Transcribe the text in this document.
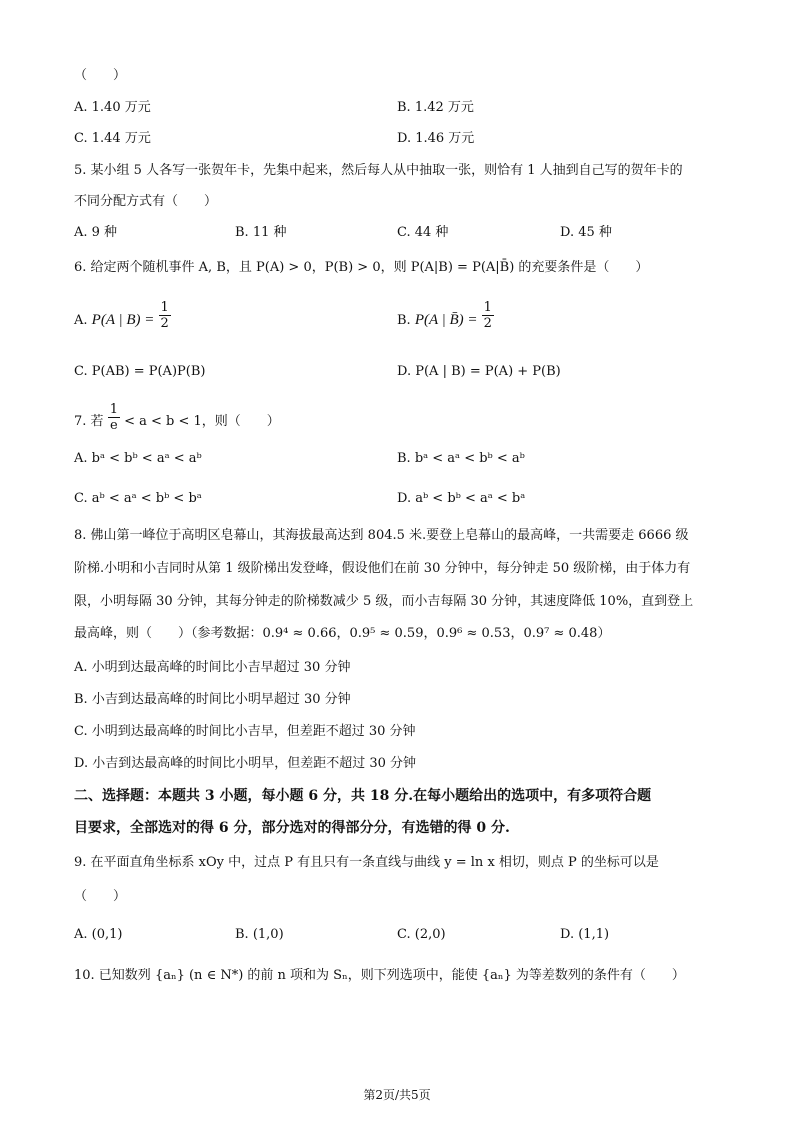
（　　）
A. 1.40 万元	B. 1.42 万元
C. 1.44 万元	D. 1.46 万元
5. 某小组 5 人各写一张贺年卡，先集中起来，然后每人从中抽取一张，则恰有 1 人抽到自己写的贺年卡的
不同分配方式有（　　）
A. 9 种	B. 11 种	C. 44 种	D. 45 种
6. 给定两个随机事件 A, B，且 P(A) > 0，P(B) > 0，则 P(A|B) = P(A|B̄) 的充要条件是（　　）
A. P(A | $B) = \frac{1}{2}$	B. P(A | B̄) = $\frac{1}{2}$
C. P(AB) = P(A)P(B)	D. P(A | B) = P(A) + P(B)
7. 若 $\frac{1}{e} < a < b < 1$，则（　　）
A. bᵃ < bᵇ < aᵃ < aᵇ	B. bᵃ < aᵃ < bᵇ < aᵇ
C. aᵇ < aᵃ < bᵇ < bᵃ	D. aᵇ < bᵇ < aᵃ < bᵃ
8. 佛山第一峰位于高明区皂幕山，其海拔最高达到 804.5 米.要登上皂幕山的最高峰，一共需要走 6666 级
阶梯.小明和小吉同时从第 1 级阶梯出发登峰，假设他们在前 30 分钟中，每分钟走 50 级阶梯，由于体力有
限，小明每隔 30 分钟，其每分钟走的阶梯数减少 5 级，而小吉每隔 30 分钟，其速度降低 10%，直到登上
最高峰，则（　　）（参考数据：0.9⁴ ≈ 0.66，0.9⁵ ≈ 0.59，0.9⁶ ≈ 0.53，0.9⁷ ≈ 0.48）
A. 小明到达最高峰的时间比小吉早超过 30 分钟
B. 小吉到达最高峰的时间比小明早超过 30 分钟
C. 小明到达最高峰的时间比小吉早，但差距不超过 30 分钟
D. 小吉到达最高峰的时间比小明早，但差距不超过 30 分钟
二、选择题：本题共 3 小题，每小题 6 分，共 18 分.在每小题给出的选项中，有多项符合题
目要求，全部选对的得 6 分，部分选对的得部分分，有选错的得 0 分.
9. 在平面直角坐标系 xOy 中，过点 P 有且只有一条直线与曲线 y = ln x 相切，则点 P 的坐标可以是
（　　）
A. (0,1)	B. (1,0)	C. (2,0)	D. (1,1)
10. 已知数列 {aₙ} (n ∈ N*) 的前 n 项和为 Sₙ，则下列选项中，能使 {aₙ} 为等差数列的条件有（　　）
第2页/共5页
